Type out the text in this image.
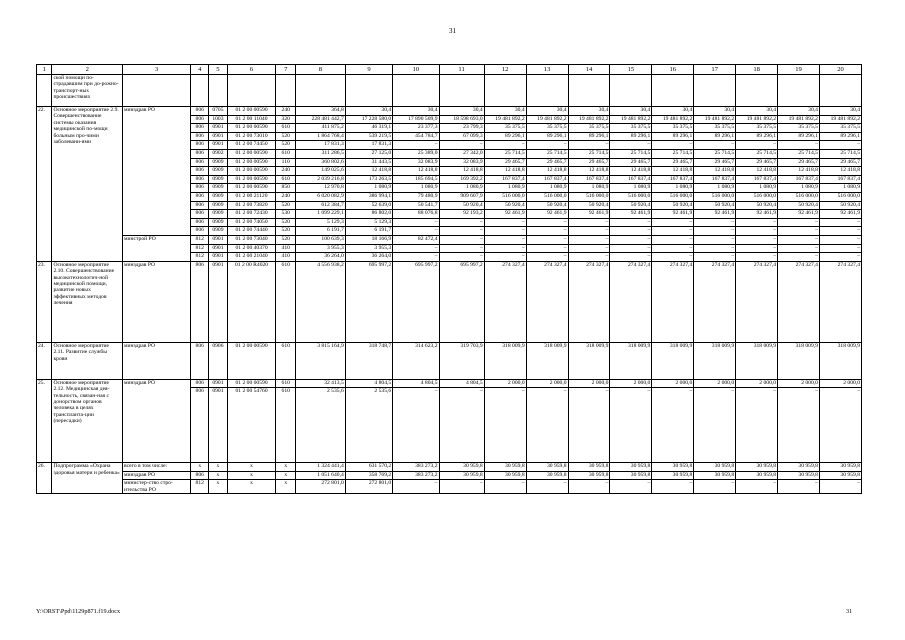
31
1	2	3	4	5	6	7	8	9	10	11	12	13	14	15	16	17	18	19	20
	ской помощи по-страдавшим при до-рожно-транспорт-ных происшествиях																		
22.	Основное мероприятие 2.9. Совершенствование системы оказания медицинской по-мощи больным про-чими заболевани-ями	минздрав РО	806	0705	01 2 00 00590	240	364,8	30,4	30,4	30,4	30,4	30,4	30,4	30,4	30,4	30,4	30,4	30,4	30,4
			806	1003	01 2 00 11040	320	228 481 442,7	17 228 580,0	17 890 509,9	18 598 693,0	19 481 892,2	19 481 892,2	19 481 892,2	19 481 892,2	19 481 892,2	19 481 892,2	19 481 892,2	19 481 892,2	19 481 892,2
			806	0901	01 2 00 00590	610	411 875,2	46 319,1	23 377,3	23 799,3	35 375,5	35 375,5	35 375,5	35 375,5	35 375,5	35 375,5	35 375,5	35 375,5	35 375,5
			806	0901	01 2 00 73010	520	1 864 768,4	539 219,5	454 784,7	67 099,3	89 296,1	89 296,1	89 296,1	89 296,1	89 296,1	89 296,1	89 296,1	89 296,1	89 296,1
			806	0901	01 2 00 74450	520	17 831,3	17 831,3	–	–	–	–	–	–	–	–	–	–	–
			806	0902	01 2 00 00590	610	311 286,5	27 125,0	25 389,0	27 342,0	25 714,5	25 714,5	25 714,5	25 714,5	25 714,5	25 714,5	25 714,5	25 714,5	25 714,5
			806	0909	01 2 00 00590	110	360 802,6	31 443,5	32 083,9	32 083,9	29 465,7	29 465,7	29 465,7	29 465,7	29 465,7	29 465,7	29 465,7	29 465,7	29 465,7
			806	0909	01 2 00 00590	240	149 025,6	12 418,8	12 418,8	12 418,8	12 418,8	12 418,8	12 418,8	12 418,8	12 418,8	12 418,8	12 418,8	12 418,8	12 418,8
			806	0909	01 2 00 00590	610	2 039 216,8	173 263,5	185 694,5	169 392,2	167 837,4	167 837,4	167 837,4	167 837,4	167 837,4	167 837,4	167 837,4	167 837,4	167 837,4
			806	0909	01 2 00 00590	850	12 970,8	1 080,9	1 080,9	1 080,9	1 080,9	1 080,9	1 080,9	1 080,9	1 080,9	1 080,9	1 080,9	1 080,9	1 080,9
			806	0909	01 2 00 21120	240	6 020 082,9	386 994,1	79 480,9	909 607,9	516 000,0	516 000,0	516 000,0	516 000,0	516 000,0	516 000,0	516 000,0	516 000,0	516 000,0
			806	0909	01 2 00 73820	520	612 384,7	52 639,0	50 541,7	50 920,4	50 920,4	50 920,4	50 920,4	50 920,4	50 920,4	50 920,4	50 920,4	50 920,4	50 920,4
			806	0909	01 2 00 72430	530	1 099 229,1	86 802,0	88 076,8	92 193,2	92 461,9	92 461,9	92 461,9	92 461,9	92 461,9	92 461,9	92 461,9	92 461,9	92 461,9
			806	0909	01 2 00 74050	520	5 129,3	5 129,3	–	–	–	–	–	–	–	–	–	–	–
			806	0909	01 2 00 74440	520	6 191,7	6 191,7	–	–	–	–	–	–	–	–	–	–	–
		минстрой РО	812	0901	01 2 00 73040	520	100 639,3	18 166,9	82 472,4	–	–	–	–	–	–	–	–	–	–
			812	0901	01 2 00 40370	410	3 955,3	3 955,3	–	–	–	–	–	–	–	–	–	–	–
			812	0901	01 2 00 21040	410	36 264,0	36 264,0	–	–	–	–	–	–	–	–	–	–	–
23.	Основное мероприятие 2.10. Совершенствование высокотехнологич-ной медицинской помощи, развитие новых эффективных методов лечения	минздрав РО	806	0901	01 2 00 R4020	610	4 556 938,2	695 997,2	695 997,2	695 997,2	274 327,4	274 327,4	274 327,4	274 327,4	274 327,4	274 327,4	274 327,4	274 327,4	274 327,4
24.	Основное мероприятие 2.11. Развитие службы крови	минздрав РО	806	0906	01 2 00 00590	610	3 815 164,9	318 748,7	314 623,2	319 703,9	318 009,9	318 009,9	318 009,9	318 009,9	318 009,9	318 009,9	318 009,9	318 009,9	318 009,9
25.	Основное мероприятие 2.12. Медицинская дея-тельность, связан-ная с донорством органов человека в целях транспланта-ции (пересадки)	минздрав РО	806	0901	01 2 00 00590	610	32 413,5	4 804,5	4 804,5	4 804,5	2 000,0	2 000,0	2 000,0	2 000,0	2 000,0	2 000,0	2 000,0	2 000,0	2 000,0
			806	0901	01 2 00 54760	610	2 535,6	2 535,6	–	–	–	–	–	–	–	–	–	–	–
26.	Подпрограмма «Охрана здоровья матери и ребенка»	всего в том числе:	x	x	x	x	1 324 441,4	631 570,2	383 273,2	30 959,8	30 959,8	30 959,8	30 959,8	30 959,8	30 959,8	30 959,8	30 959,8	30 959,8	30 959,8
		минздрав РО	806	x	x	x	1 051 640,4	358 769,2	383 273,2	30 959,8	30 959,8	30 959,8	30 959,8	30 959,8	30 959,8	30 959,8	30 959,8	30 959,8	30 959,8
		министер-ство стро-ительства РО	812	x	x	x	272 801,0	272 801,0	–	–	–	–	–	–	–	–	–	–	–
Y:\ORST\Ppd\1129p871.f19.docx	31
